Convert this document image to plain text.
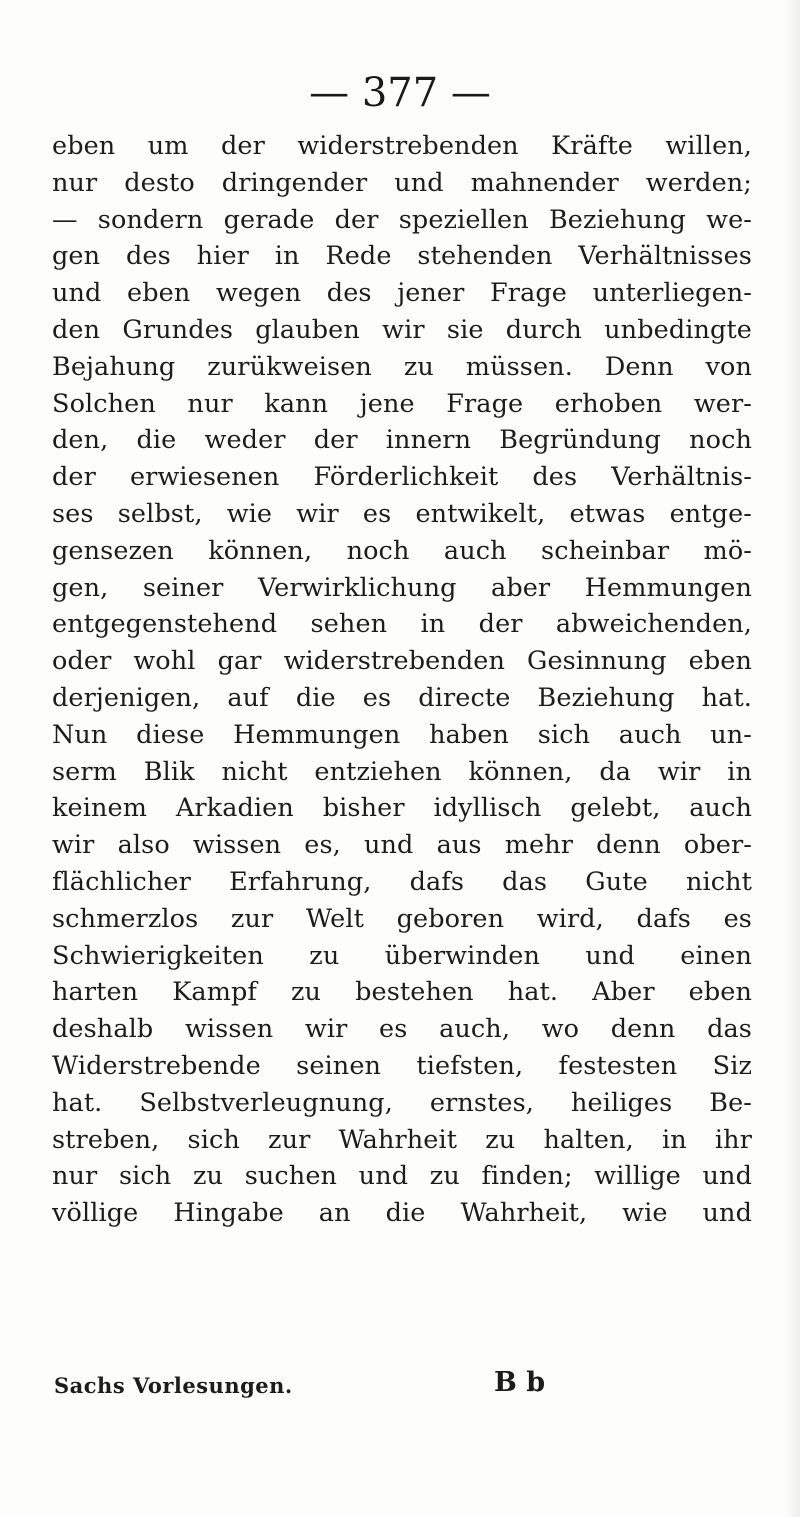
— 377 —
eben um der widerstrebenden Kräfte willen,
nur desto dringender und mahnender werden;
— sondern gerade der speziellen Beziehung we-
gen des hier in Rede stehenden Verhältnisses
und eben wegen des jener Frage unterliegen-
den Grundes glauben wir sie durch unbedingte
Bejahung zurükweisen zu müssen. Denn von
Solchen nur kann jene Frage erhoben wer-
den, die weder der innern Begründung noch
der erwiesenen Förderlichkeit des Verhältnis-
ses selbst, wie wir es entwikelt, etwas entge-
gensezen können, noch auch scheinbar mö-
gen, seiner Verwirklichung aber Hemmungen
entgegenstehend sehen in der abweichenden,
oder wohl gar widerstrebenden Gesinnung eben
derjenigen, auf die es directe Beziehung hat.
Nun diese Hemmungen haben sich auch un-
serm Blik nicht entziehen können, da wir in
keinem Arkadien bisher idyllisch gelebt, auch
wir also wissen es, und aus mehr denn ober-
flächlicher Erfahrung, dafs das Gute nicht
schmerzlos zur Welt geboren wird, dafs es
Schwierigkeiten zu überwinden und einen
harten Kampf zu bestehen hat. Aber eben
deshalb wissen wir es auch, wo denn das
Widerstrebende seinen tiefsten, festesten Siz
hat. Selbstverleugnung, ernstes, heiliges Be-
streben, sich zur Wahrheit zu halten, in ihr
nur sich zu suchen und zu finden; willige und
völlige Hingabe an die Wahrheit, wie und
Sachs Vorlesungen.	B b
